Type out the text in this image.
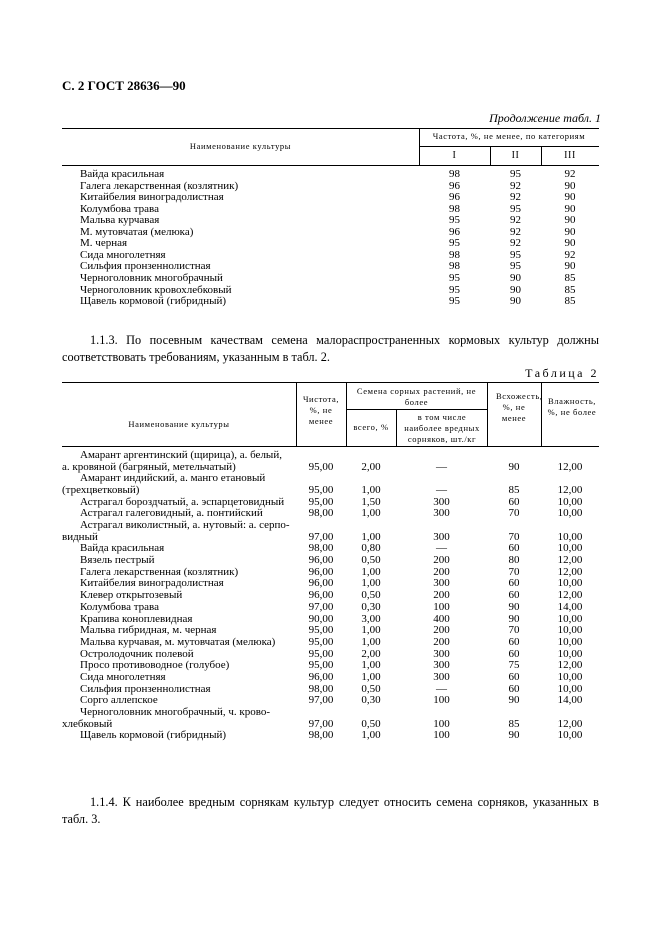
С. 2 ГОСТ 28636—90
Продолжение табл. 1
Наименование культуры
Частота, %, не менее, по категориям
I	II	III
Вайда красильная	98	95	92
Галега лекарственная (козлятник)	96	92	90
Китайбелия виноградолистная	96	92	90
Колумбова трава	98	95	90
Мальва курчавая	95	92	90
М. мутовчатая (мелюка)	96	92	90
М. черная	95	92	90
Сида многолетняя	98	95	92
Сильфия пронзеннолистная	98	95	90
Черноголовник многобрачный	95	90	85
Черноголовник кровохлебковый	95	90	85
Щавель кормовой (гибридный)	95	90	85
1.1.3. По посевным качествам семена малораспространенных кормовых культур должны соответствовать требованиям, указанным в табл. 2.
Таблица 2
Наименование культуры
Чистота, %, не менее
Семена сорных растений, не более
всего, %
в том числе наиболее вредных сорняков, шт./кг
Всхожесть, %, не менее
Влажность, %, не более
Амарант аргентинский (щирица), а. белый,
а. кровяной (багряный, метельчатый)	95,00	2,00	—	90	12,00
Амарант индийский, а. манго етановый
(трехцветковый)	95,00	1,00	—	85	12,00
Астрагал бороздчатый, а. эспарцетовидный	95,00	1,50	300	60	10,00
Астрагал галеговидный, а. понтийский	98,00	1,00	300	70	10,00
Астрагал виколистный, а. нутовый: а. серпо-
видный	97,00	1,00	300	70	10,00
Вайда красильная	98,00	0,80	—	60	10,00
Вязель пестрый	96,00	0,50	200	80	12,00
Галега лекарственная (козлятник)	96,00	1,00	200	70	12,00
Китайбелия виноградолистная	96,00	1,00	300	60	10,00
Клевер открытозевый	96,00	0,50	200	60	12,00
Колумбова трава	97,00	0,30	100	90	14,00
Крапива коноплевидная	90,00	3,00	400	90	10,00
Мальва гибридная, м. черная	95,00	1,00	200	70	10,00
Мальва курчавая, м. мутовчатая (мелюка)	95,00	1,00	200	60	10,00
Остролодочник полевой	95,00	2,00	300	60	10,00
Просо противоводное (голубое)	95,00	1,00	300	75	12,00
Сида многолетняя	96,00	1,00	300	60	10,00
Сильфия пронзеннолистная	98,00	0,50	—	60	10,00
Сорго аллепское	97,00	0,30	100	90	14,00
Черноголовник многобрачный, ч. крово-
хлебковый	97,00	0,50	100	85	12,00
Щавель кормовой (гибридный)	98,00	1,00	100	90	10,00
1.1.4. К наиболее вредным сорнякам культур следует относить семена сорняков, указанных в табл. 3.
